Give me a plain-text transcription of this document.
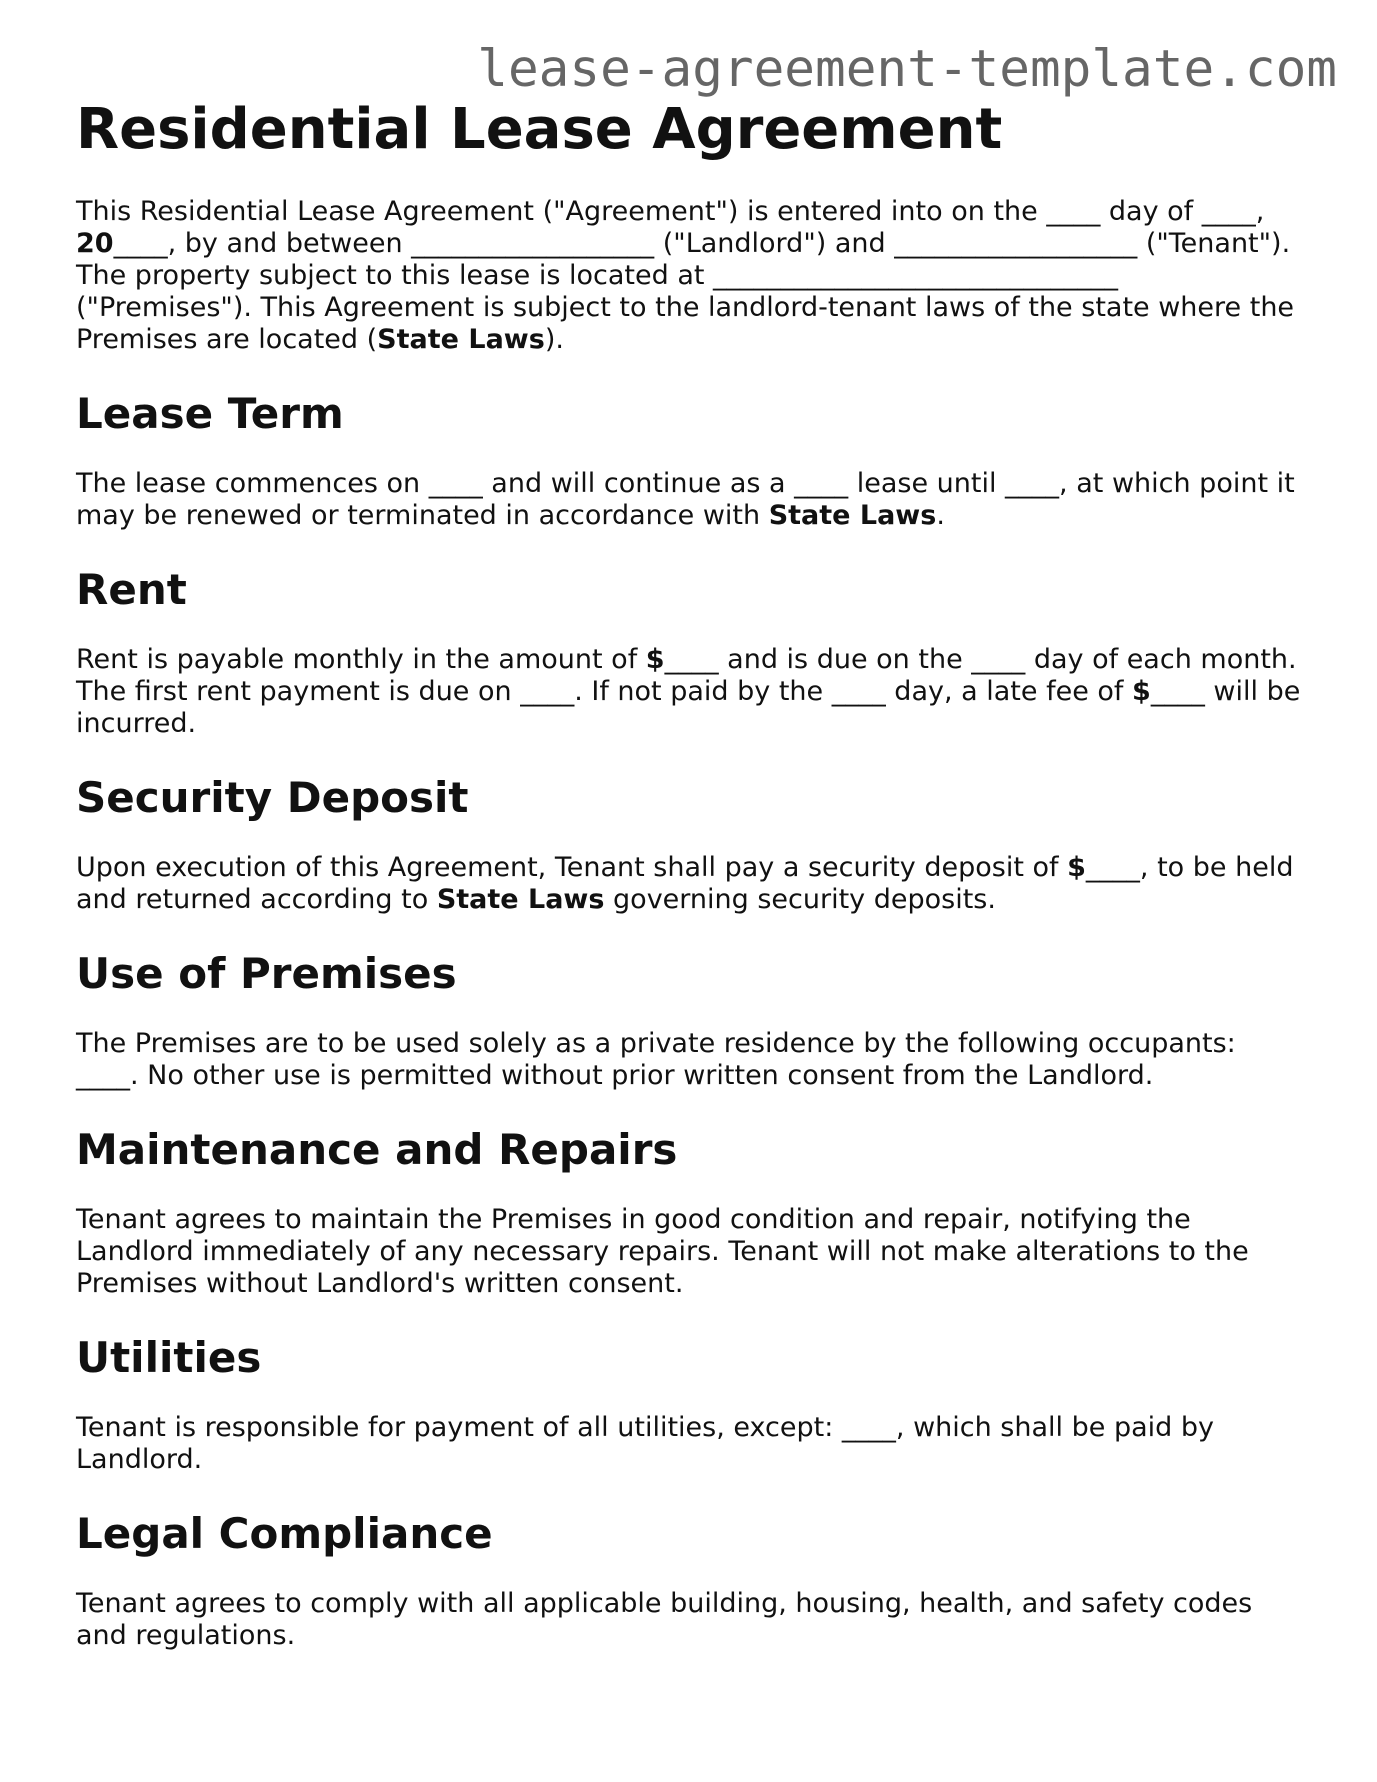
lease-agreement-template.com
Residential Lease Agreement

This Residential Lease Agreement ("Agreement") is entered into on the ____ day of ____, 20____, by and between __________________ ("Landlord") and __________________ ("Tenant"). The property subject to this lease is located at ______________________________ ("Premises"). This Agreement is subject to the landlord-tenant laws of the state where the Premises are located (State Laws).

Lease Term

The lease commences on ____ and will continue as a ____ lease until ____, at which point it may be renewed or terminated in accordance with State Laws.

Rent

Rent is payable monthly in the amount of $____ and is due on the ____ day of each month. The first rent payment is due on ____. If not paid by the ____ day, a late fee of $____ will be incurred.

Security Deposit

Upon execution of this Agreement, Tenant shall pay a security deposit of $____, to be held and returned according to State Laws governing security deposits.

Use of Premises

The Premises are to be used solely as a private residence by the following occupants: ____. No other use is permitted without prior written consent from the Landlord.

Maintenance and Repairs

Tenant agrees to maintain the Premises in good condition and repair, notifying the Landlord immediately of any necessary repairs. Tenant will not make alterations to the Premises without Landlord's written consent.

Utilities

Tenant is responsible for payment of all utilities, except: ____, which shall be paid by Landlord.

Legal Compliance

Tenant agrees to comply with all applicable building, housing, health, and safety codes and regulations.
